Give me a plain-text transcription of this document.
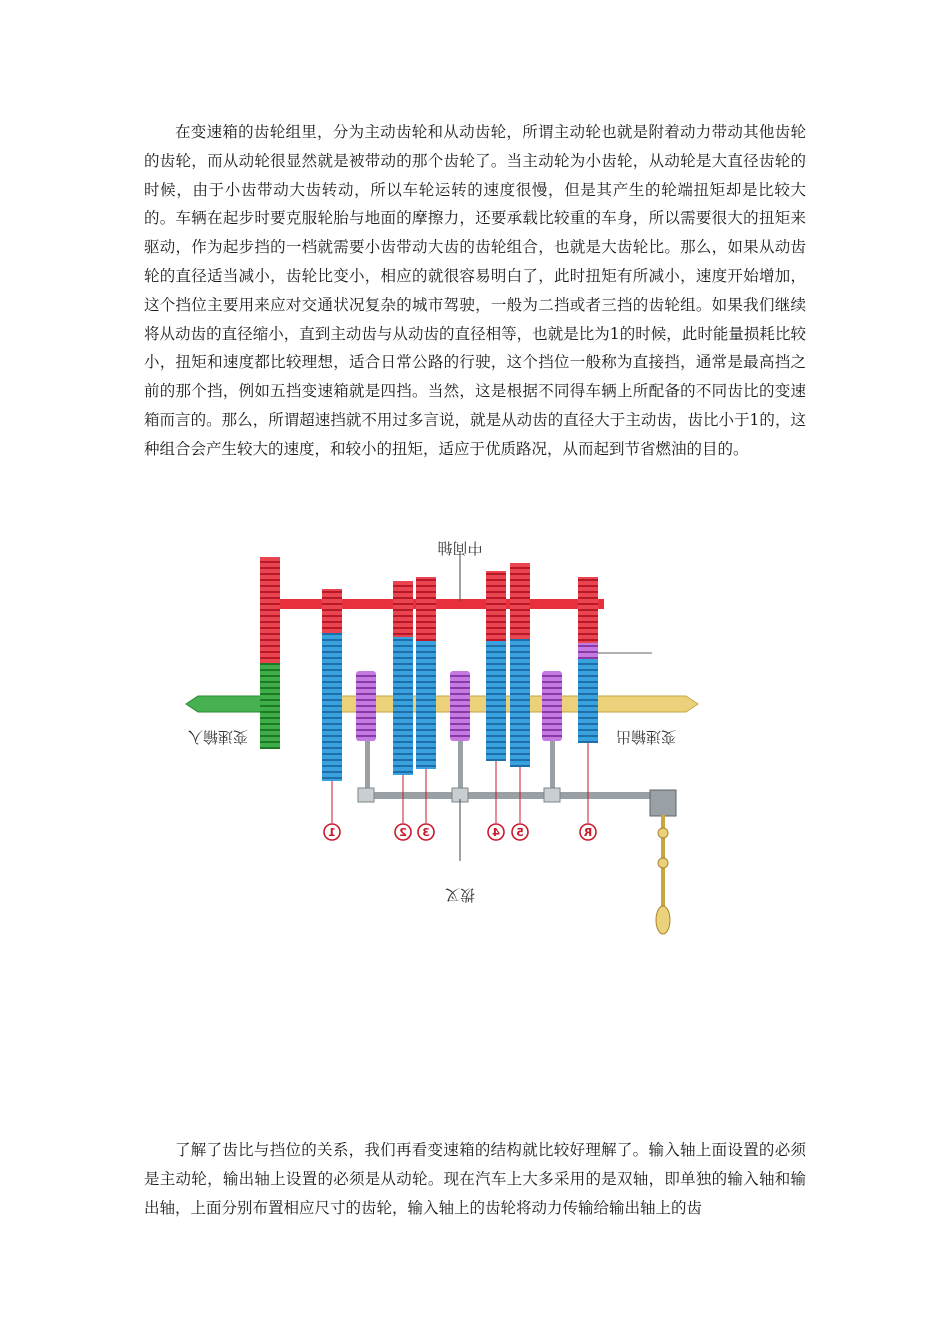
在变速箱的齿轮组里，分为主动齿轮和从动齿轮，所谓主动轮也就是附着动力带动其他齿轮的齿轮，而从动轮很显然就是被带动的那个齿轮了。当主动轮为小齿轮，从动轮是大直径齿轮的时候，由于小齿带动大齿转动，所以车轮运转的速度很慢，但是其产生的轮端扭矩却是比较大的。车辆在起步时要克服轮胎与地面的摩擦力，还要承载比较重的车身，所以需要很大的扭矩来驱动，作为起步挡的一档就需要小齿带动大齿的齿轮组合，也就是大齿轮比。那么，如果从动齿轮的直径适当减小，齿轮比变小，相应的就很容易明白了，此时扭矩有所减小，速度开始增加，这个挡位主要用来应对交通状况复杂的城市驾驶，一般为二挡或者三挡的齿轮组。如果我们继续将从动齿的直径缩小，直到主动齿与从动齿的直径相等，也就是比为1的时候，此时能量损耗比较小，扭矩和速度都比较理想，适合日常公路的行驶，这个挡位一般称为直接挡，通常是最高挡之前的那个挡，例如五挡变速箱就是四挡。当然，这是根据不同得车辆上所配备的不同齿比的变速箱而言的。那么，所谓超速挡就不用过多言说，就是从动齿的直径大于主动齿，齿比小于1的，这种组合会产生较大的速度，和较小的扭矩，适应于优质路况，从而起到节省燃油的目的。

1	2 3	4 5	R
中间轴
变速输入	变速输出
拨叉

了解了齿比与挡位的关系，我们再看变速箱的结构就比较好理解了。输入轴上面设置的必须是主动轮，输出轴上设置的必须是从动轮。现在汽车上大多采用的是双轴，即单独的输入轴和输出轴，上面分别布置相应尺寸的齿轮，输入轴上的齿轮将动力传输给输出轴上的齿
